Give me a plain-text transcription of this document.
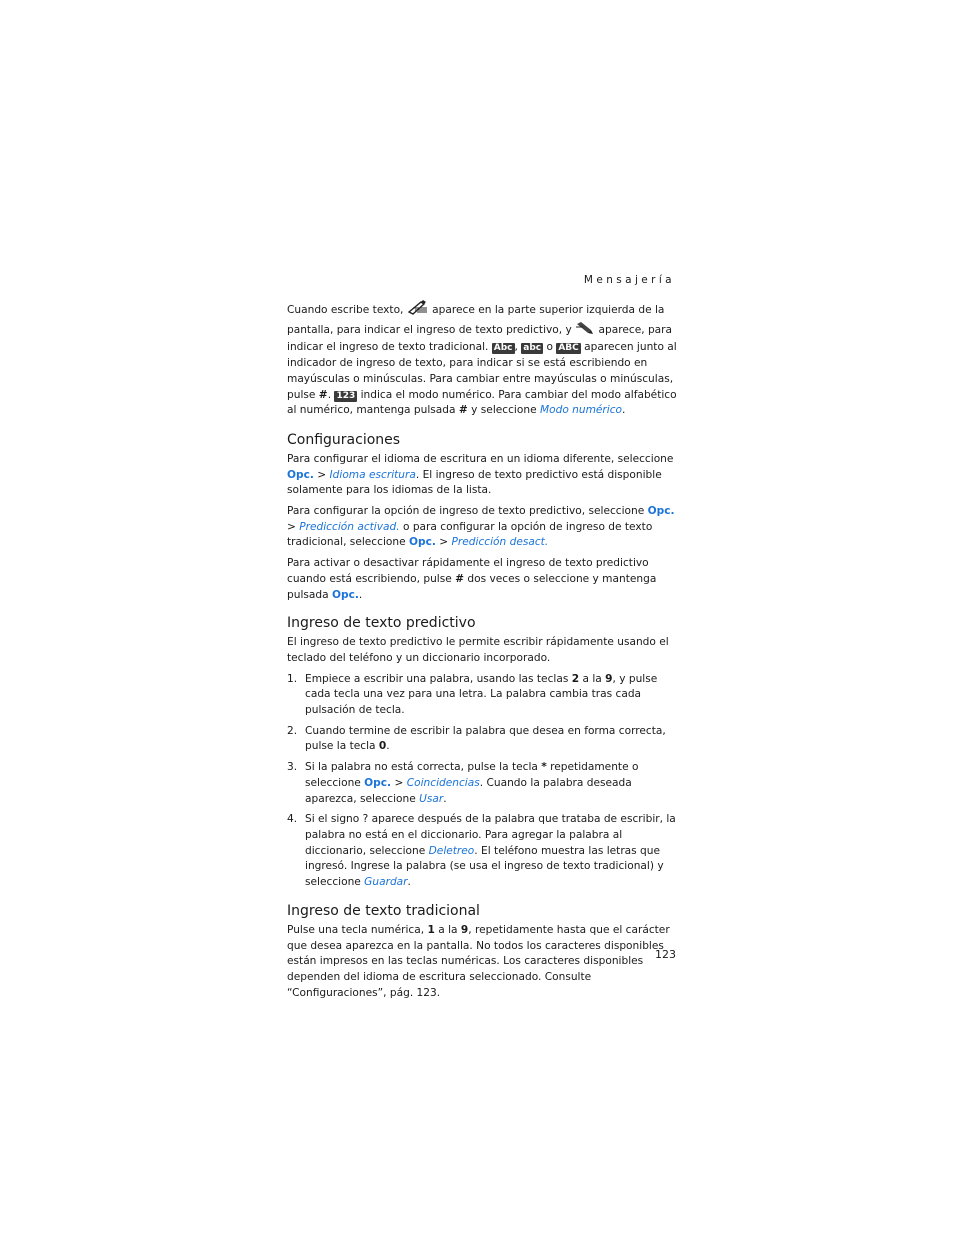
Mensajería

Cuando escribe texto,  aparece en la parte superior izquierda de la pantalla, para indicar el ingreso de texto predictivo, y  aparece, para indicar el ingreso de texto tradicional. Abc , abc o ABC aparecen junto al indicador de ingreso de texto, para indicar si se está escribiendo en mayúsculas o minúsculas. Para cambiar entre mayúsculas o minúsculas, pulse #. 123 indica el modo numérico. Para cambiar del modo alfabético al numérico, mantenga pulsada # y seleccione Modo numérico.

Configuraciones

Para configurar el idioma de escritura en un idioma diferente, seleccione Opc. > Idioma escritura. El ingreso de texto predictivo está disponible solamente para los idiomas de la lista.

Para configurar la opción de ingreso de texto predictivo, seleccione Opc. > Predicción activad. o para configurar la opción de ingreso de texto tradicional, seleccione Opc. > Predicción desact.

Para activar o desactivar rápidamente el ingreso de texto predictivo cuando está escribiendo, pulse # dos veces o seleccione y mantenga pulsada Opc..

Ingreso de texto predictivo

El ingreso de texto predictivo le permite escribir rápidamente usando el teclado del teléfono y un diccionario incorporado.

1. Empiece a escribir una palabra, usando las teclas 2 a la 9, y pulse cada tecla una vez para una letra. La palabra cambia tras cada pulsación de tecla.
2. Cuando termine de escribir la palabra que desea en forma correcta, pulse la tecla 0.
3. Si la palabra no está correcta, pulse la tecla * repetidamente o seleccione Opc. > Coincidencias. Cuando la palabra deseada aparezca, seleccione Usar.
4. Si el signo ? aparece después de la palabra que trataba de escribir, la palabra no está en el diccionario. Para agregar la palabra al diccionario, seleccione Deletreo. El teléfono muestra las letras que ingresó. Ingrese la palabra (se usa el ingreso de texto tradicional) y seleccione Guardar.
Ingreso de texto tradicional

Pulse una tecla numérica, 1 a la 9, repetidamente hasta que el carácter que desea aparezca en la pantalla. No todos los caracteres disponibles están impresos en las teclas numéricas. Los caracteres disponibles dependen del idioma de escritura seleccionado. Consulte “Configuraciones”, pág. 123.

123
